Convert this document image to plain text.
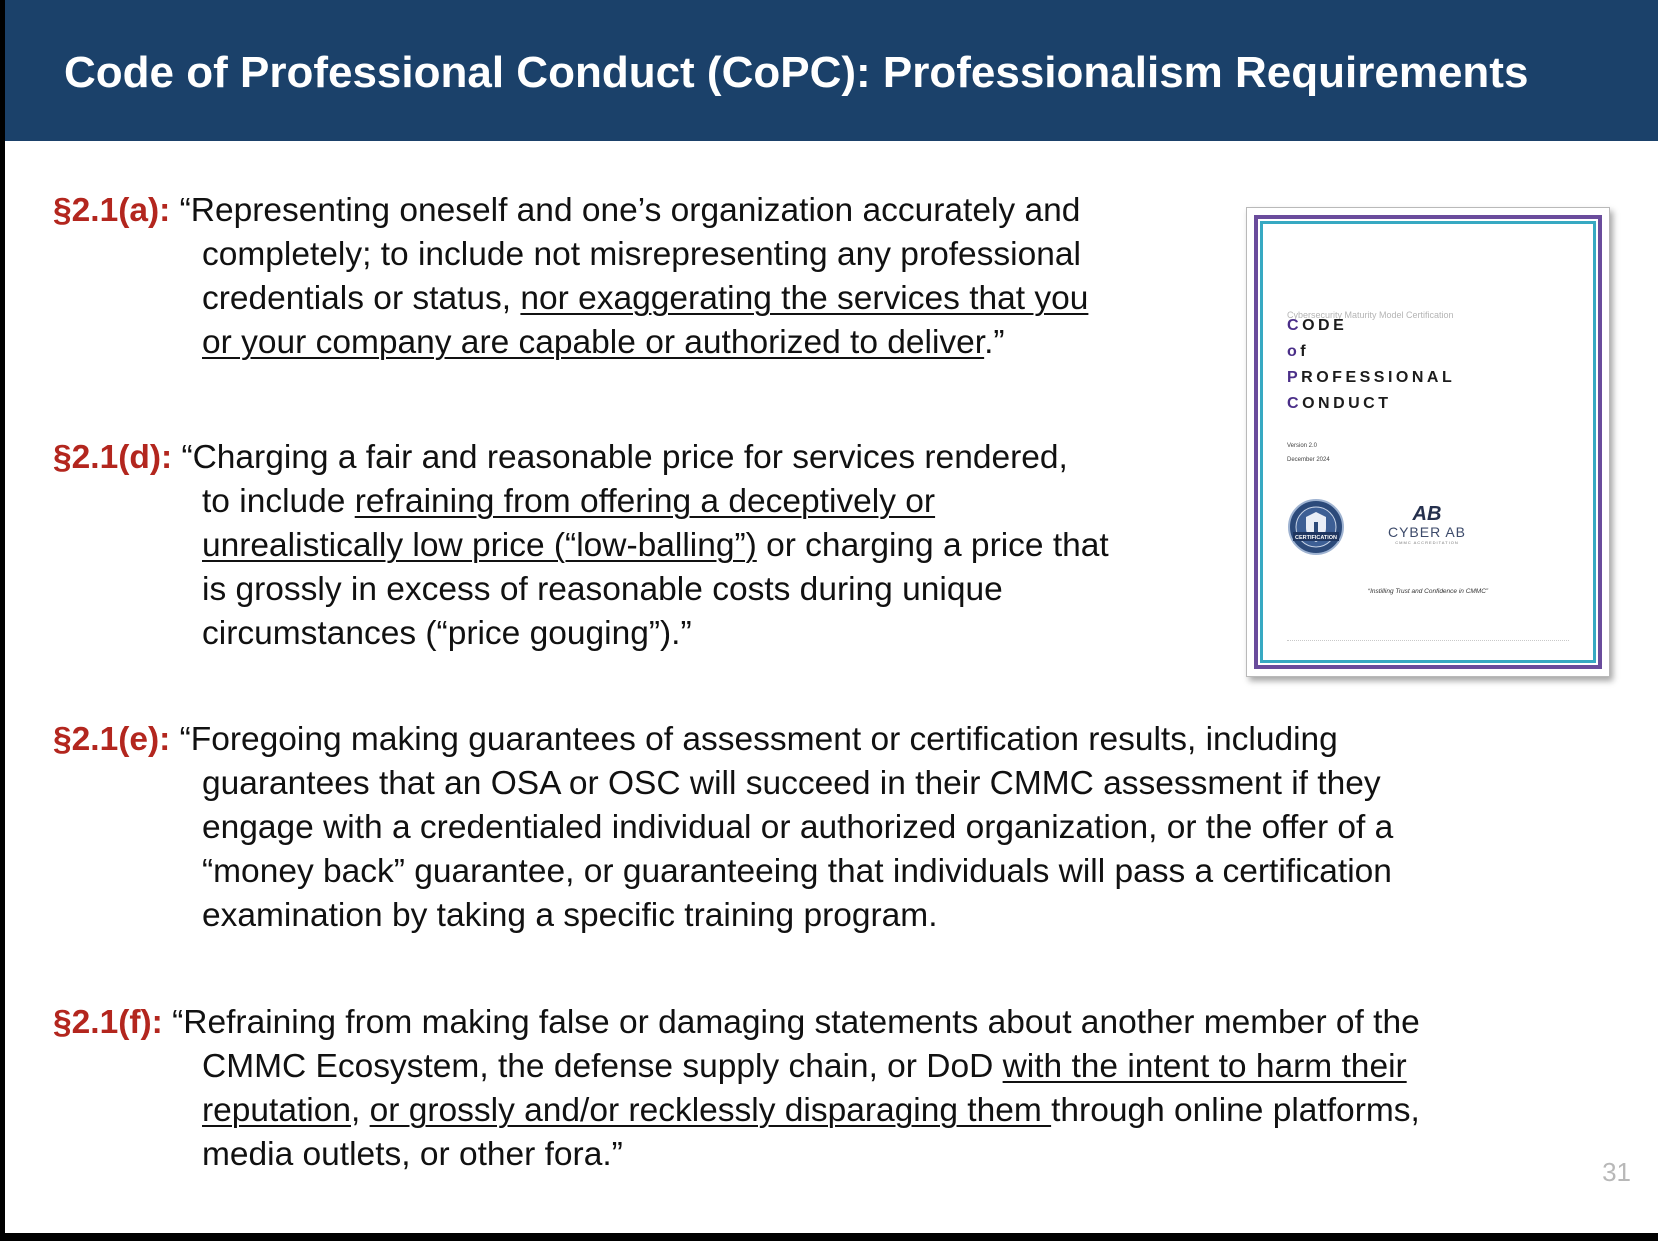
Code of Professional Conduct (CoPC): Professionalism Requirements
§2.1(a): “Representing oneself and one’s organization accurately and
completely; to include not misrepresenting any professional
credentials or status, nor exaggerating the services that you
or your company are capable or authorized to deliver.”
§2.1(d): “Charging a fair and reasonable price for services rendered,
to include refraining from offering a deceptively or
unrealistically low price (“low-balling”) or charging a price that
is grossly in excess of reasonable costs during unique
circumstances (“price gouging”).”
§2.1(e): “Foregoing making guarantees of assessment or certification results, including
guarantees that an OSA or OSC will succeed in their CMMC assessment if they
engage with a credentialed individual or authorized organization, or the offer of a
“money back” guarantee, or guaranteeing that individuals will pass a certification
examination by taking a specific training program.
§2.1(f): “Refraining from making false or damaging statements about another member of the
CMMC Ecosystem, the defense supply chain, or DoD with the intent to harm their
reputation, or grossly and/or recklessly disparaging them through online platforms,
media outlets, or other fora.”
Cybersecurity Maturity Model Certification
CODE
of
PROFESSIONAL
CONDUCT
Version 2.0
December 2024
CERTIFICATION
AB
CYBER AB
CMMC ACCREDITATION
“Instilling Trust and Confidence in CMMC”
31
